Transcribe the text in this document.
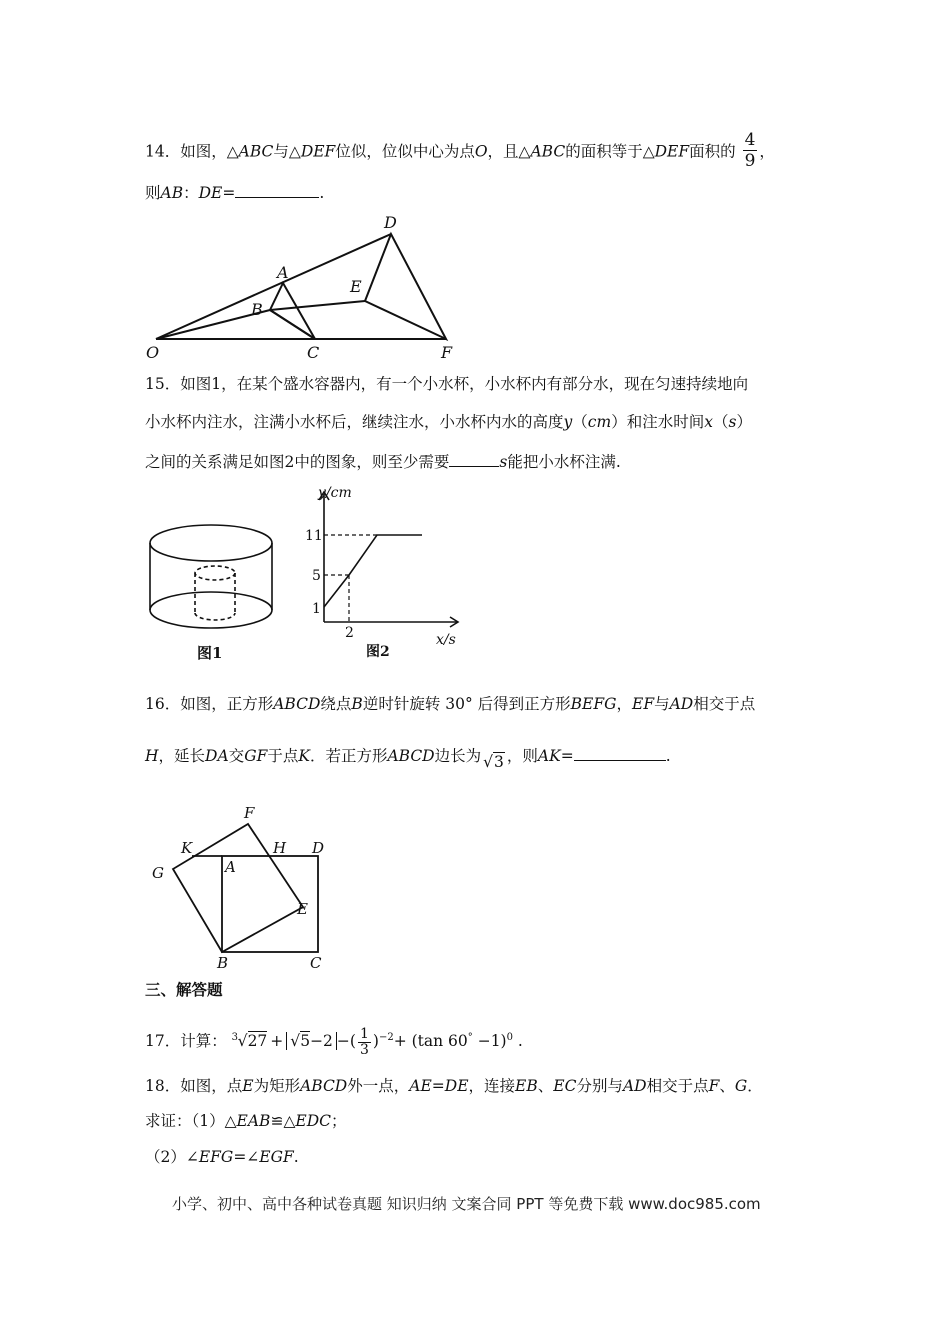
14．如图，△ABC与△DEF位似，位似中心为点O，且△ABC的面积等于△DEF面积的 $\frac{4}{9}$ ，
则AB：DE=	.
D
A
E
B
O	C	F
15．如图1，在某个盛水容器内，有一个小水杯，小水杯内有部分水，现在匀速持续地向
小水杯内注水，注满小水杯后，继续注水，小水杯内水的高度y（cm）和注水时间x（s）
之间的关系满足如图2中的图象，则至少需要	s能把小水杯注满.
图1
y/cm
11
5
1
2	x/s
图2
16．如图，正方形ABCD绕点B逆时针旋转 30° 后得到正方形BEFG，EF与AD相交于点
H，延长DA交GF于点K．若正方形ABCD边长为 √3 ，则AK=	.
F
K	H D
G	A
E
B	C
三、解答题
17．计算： 3 √27 + √5−2 −( $\frac{1}{3} )^{-2}+ (\tan$ 60° −1)$^0$ .
18．如图，点E为矩形ABCD外一点，AE=DE，连接EB、EC分别与AD相交于点F、G．
求证：（1）△EAB≌△EDC；
（2）∠EFG=∠EGF.
小学、初中、高中各种试卷真题 知识归纳 文案合同 PPT 等免费下载 www.doc985.com
